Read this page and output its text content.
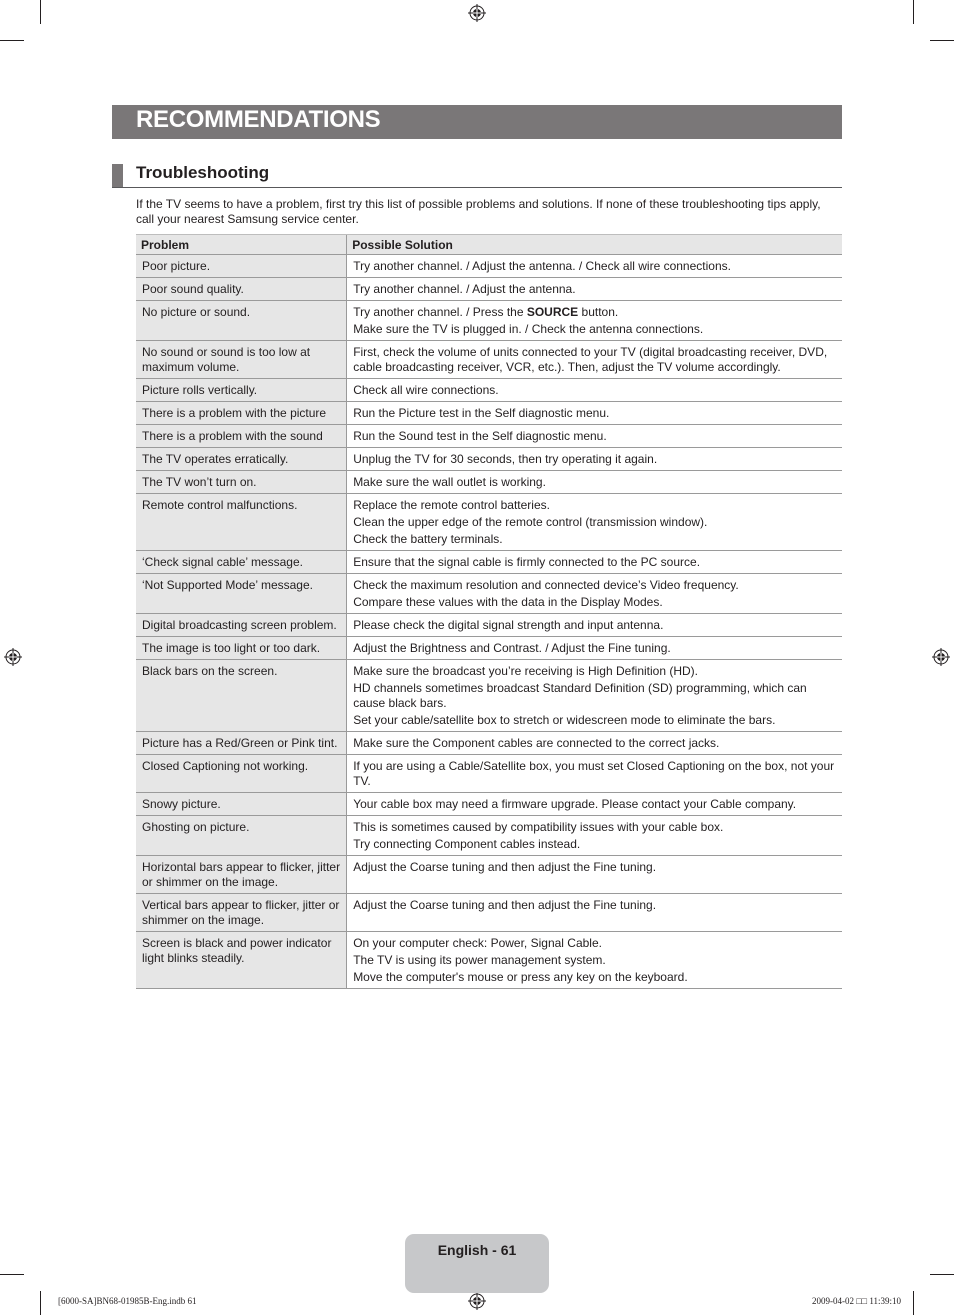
RECOMMENDATIONS
Troubleshooting
If the TV seems to have a problem, first try this list of possible problems and solutions. If none of these troubleshooting tips apply, call your nearest Samsung service center.
Problem	Possible Solution
Poor picture.	Try another channel. / Adjust the antenna. / Check all wire connections.

Poor sound quality.	Try another channel. / Adjust the antenna.

No picture or sound.	Try another channel. / Press the SOURCE button.
Make sure the TV is plugged in. / Check the antenna connections.

No sound or sound is too low at maximum volume.	First, check the volume of units connected to your TV (digital broadcasting receiver, DVD, cable broadcasting receiver, VCR, etc.). Then, adjust the TV volume accordingly.

Picture rolls vertically.	Check all wire connections.

There is a problem with the picture	Run the Picture test in the Self diagnostic menu.

There is a problem with the sound	Run the Sound test in the Self diagnostic menu.

The TV operates erratically.	Unplug the TV for 30 seconds, then try operating it again.

The TV won’t turn on.	Make sure the wall outlet is working.

Remote control malfunctions.	Replace the remote control batteries.
Clean the upper edge of the remote control (transmission window).
Check the battery terminals.

‘Check signal cable’ message.	Ensure that the signal cable is firmly connected to the PC source.

‘Not Supported Mode’ message.	Check the maximum resolution and connected device’s Video frequency.
Compare these values with the data in the Display Modes.

Digital broadcasting screen problem.	Please check the digital signal strength and input antenna.

The image is too light or too dark.	Adjust the Brightness and Contrast. / Adjust the Fine tuning.

Black bars on the screen.	Make sure the broadcast you’re receiving is High Definition (HD).
HD channels sometimes broadcast Standard Definition (SD) programming, which can cause black bars.
Set your cable/satellite box to stretch or widescreen mode to eliminate the bars.

Picture has a Red/Green or Pink tint.	Make sure the Component cables are connected to the correct jacks.

Closed Captioning not working.	If you are using a Cable/Satellite box, you must set Closed Captioning on the box, not your TV.

Snowy picture.	Your cable box may need a firmware upgrade. Please contact your Cable company.

Ghosting on picture.	This is sometimes caused by compatibility issues with your cable box.
Try connecting Component cables instead.

Horizontal bars appear to flicker, jitter or shimmer on the image.	Adjust the Coarse tuning and then adjust the Fine tuning.

Vertical bars appear to flicker, jitter or shimmer on the image.	Adjust the Coarse tuning and then adjust the Fine tuning.

Screen is black and power indicator light blinks steadily.	On your computer check: Power, Signal Cable.
The TV is using its power management system.
Move the computer's mouse or press any key on the keyboard.
English - 61
[6000-SA]BN68-01985B-Eng.indb 61	2009-04-02 □□ 11:39:10
